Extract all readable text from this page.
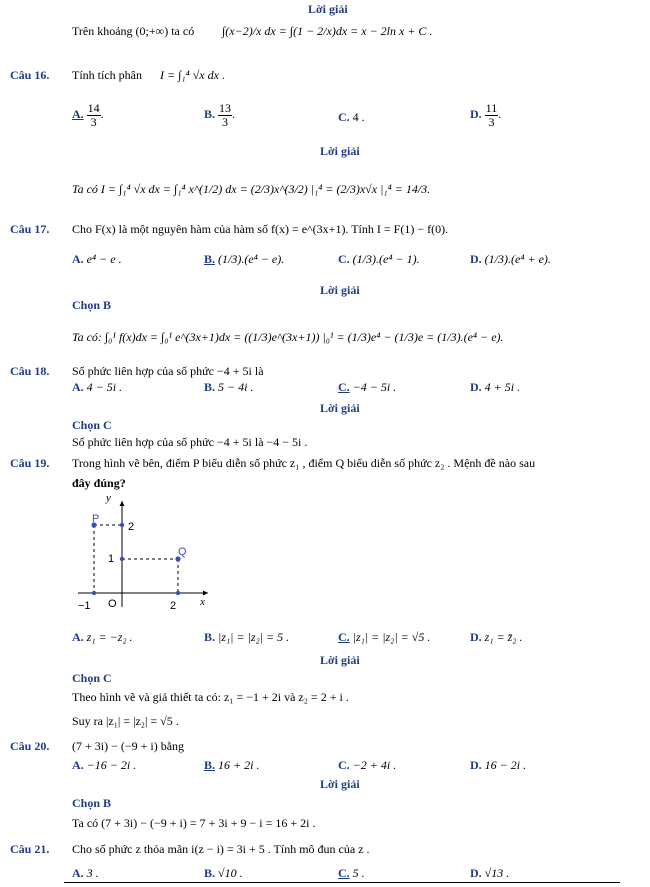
Lời giải
Trên khoảng (0;+∞) ta có ∫(x−2)/x dx = ∫(1 − 2/x)dx = x − 2ln x + C .
Câu 16. Tính tích phân I = ∫₁⁴ √x dx .
A. $\frac{14}{3}$ .	B. $\frac{13}{3}$ .	C. 4 .	D. $\frac{11}{3}$ .
Lời giải
Ta có I = ∫₁⁴ √x dx = ∫₁⁴ x^(1/2) dx = (2/3)x^(3/2) |₁⁴ = (2/3)x√x |₁⁴ = 14/3.
Câu 17. Cho F(x) là một nguyên hàm của hàm số f(x) = e^(3x+1). Tính I = F(1) − f(0).
A. e⁴ − e .	B. (1/3).(e⁴ − e).	C. (1/3).(e⁴ − 1).	D. (1/3).(e⁴ + e).
Lời giải
Chọn B
Ta có: ∫₀¹ f(x)dx = ∫₀¹ e^(3x+1)dx = ((1/3)e^(3x+1)) |₀¹ = (1/3)e⁴ − (1/3)e = (1/3).(e⁴ − e).
Câu 18. Số phức liên hợp của số phức −4 + 5i là
A. 4 − 5i .	B. 5 − 4i .	C. −4 − 5i .	D. 4 + 5i .
Lời giải
Chọn C
Số phức liên hợp của số phức −4 + 5i là −4 − 5i .
Câu 19. Trong hình vẽ bên, điểm P biểu diễn số phức z₁ , điểm Q biểu diễn số phức z₂ . Mệnh đề nào sau
đây đúng?
y
x
P
Q
2
1
−1 O	2
A. z₁ = −z₂ .	B. |z₁| = |z₂| = 5 .	C. |z₁| = |z₂| = √5 .	D. z₁ = z̄₂ .
Lời giải
Chọn C
Theo hình vẽ và giả thiết ta có: z₁ = −1 + 2i và z₂ = 2 + i .
Suy ra |z₁| = |z₂| = √5 .
Câu 20. (7 + 3i) − (−9 + i) bằng
A. −16 − 2i .	B. 16 + 2i .	C. −2 + 4i .	D. 16 − 2i .
Lời giải
Chọn B
Ta có (7 + 3i) − (−9 + i) = 7 + 3i + 9 − i = 16 + 2i .
Câu 21. Cho số phức z thỏa mãn i(z − i) = 3i + 5 . Tính mô đun của z .
A. 3 .	B. √10 .	C. 5 .	D. √13 .
